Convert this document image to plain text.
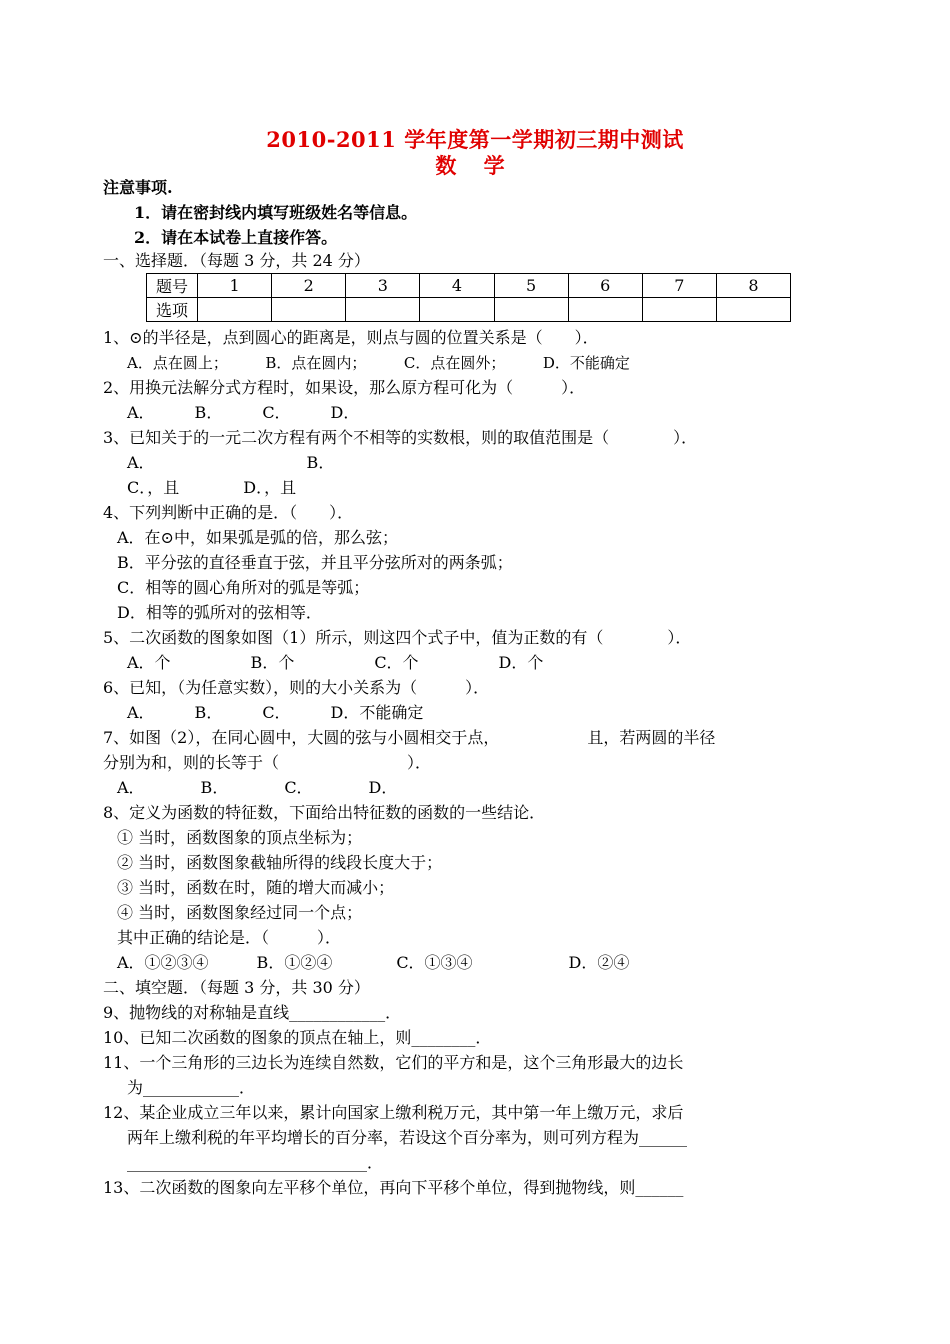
2010-2011 学年度第一学期初三期中测试
数 学
注意事项.
1．请在密封线内填写班级姓名等信息。
2．请在本试卷上直接作答。
一、选择题．（每题 3 分，共 24 分）
题号	1	2	3	4	5	6	7	8
选项								
1、⊙的半径是，点到圆心的距离是，则点与圆的位置关系是（　　）．
A．点在圆上；　　　B．点在圆内；　　　C．点在圆外；　　　D．不能确定
2、用换元法解分式方程时，如果设，那么原方程可化为（　　　）．
A．　　　B．　　　C．　　　D．
3、已知关于的一元二次方程有两个不相等的实数根，则的取值范围是（　　　　）．
A．　　　　　　　　　　B．
C．，且　　　　D．，且
4、下列判断中正确的是．（　　）．
A．在⊙中，如果弧是弧的倍，那么弦；
B．平分弦的直径垂直于弦，并且平分弦所对的两条弧；
C．相等的圆心角所对的弧是等弧；
D．相等的弧所对的弦相等．
5、二次函数的图象如图（1）所示，则这四个式子中，值为正数的有（　　　　）．
A．个　　　　　B．个　　　　　C．个　　　　　D．个
6、已知，（为任意实数），则的大小关系为（　　　）．
A．　　　B．　　　C．　　　D．不能确定
7、如图（2），在同心圆中，大圆的弦与小圆相交于点，　　　　　　且，若两圆的半径
分别为和，则的长等于（　　　　　　　　）．
A．　　　　B．　　　　C．　　　　D．
8、定义为函数的特征数，下面给出特征数的函数的一些结论．
① 当时，函数图象的顶点坐标为；
② 当时，函数图象截轴所得的线段长度大于；
③ 当时，函数在时，随的增大而减小；
④ 当时，函数图象经过同一个点；
其中正确的结论是．（　　　）．
A．①②③④　　　B．①②④　　　　C．①③④　　　　　　D．②④
二、填空题．（每题 3 分，共 30 分）
9、抛物线的对称轴是直线____________．
10、已知二次函数的图象的顶点在轴上，则________．
11、一个三角形的三边长为连续自然数，它们的平方和是，这个三角形最大的边长
为____________．
12、某企业成立三年以来，累计向国家上缴利税万元，其中第一年上缴万元，求后
两年上缴利税的年平均增长的百分率，若设这个百分率为，则可列方程为______
______________________________．
13、二次函数的图象向左平移个单位，再向下平移个单位，得到抛物线，则______
